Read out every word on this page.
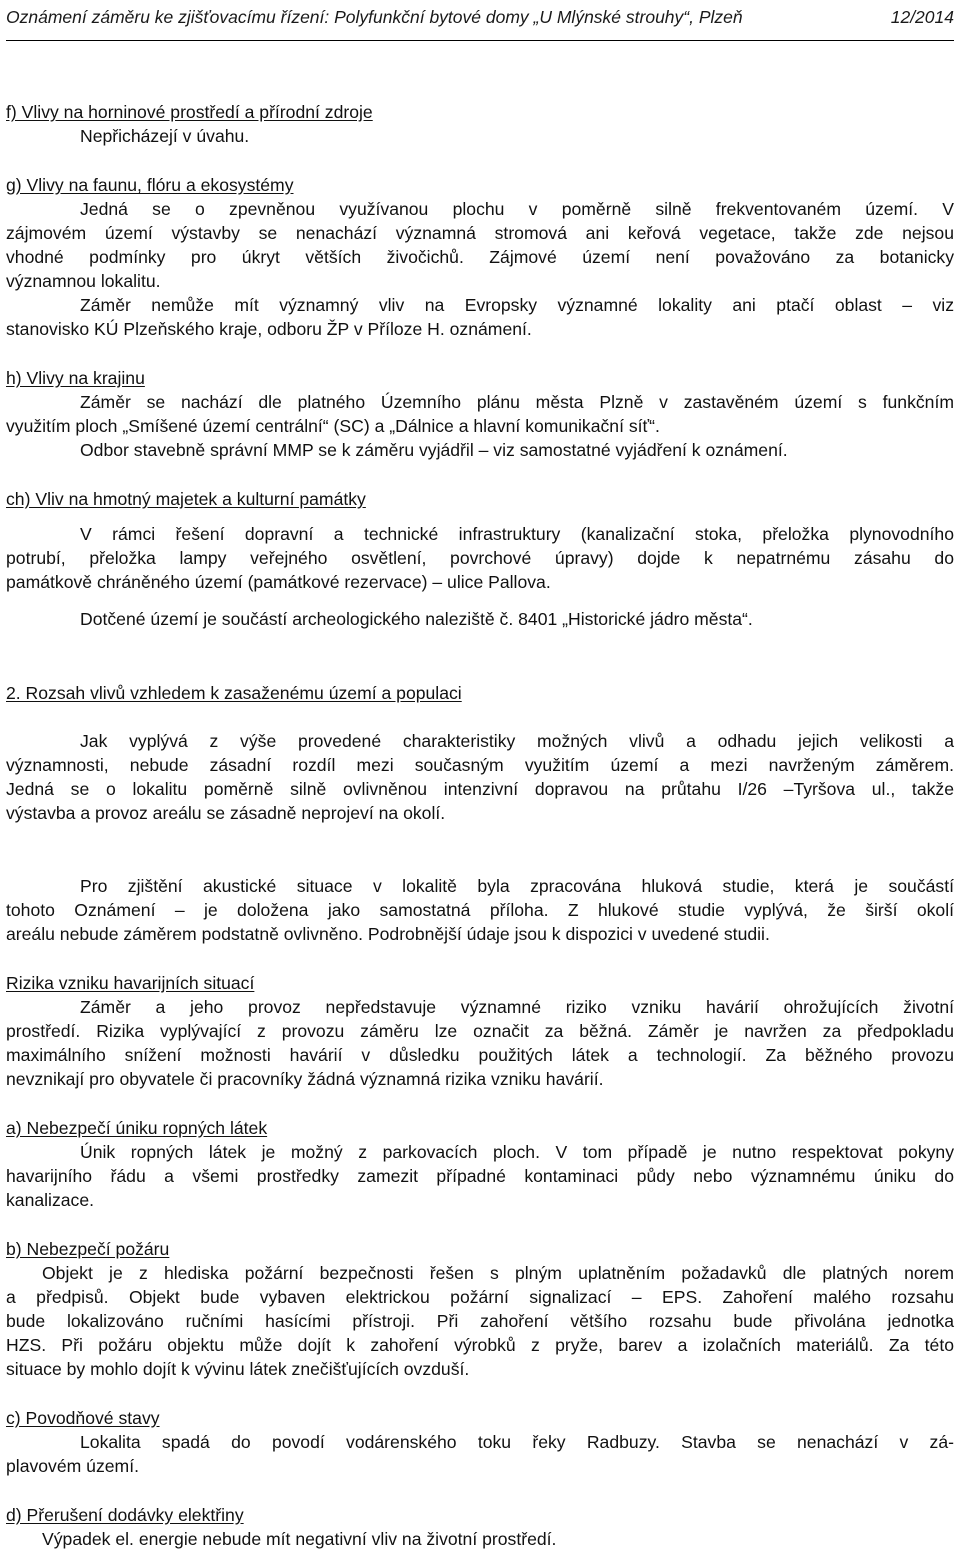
Oznámení záměru ke zjišťovacímu řízení: Polyfunkční bytové domy „U Mlýnské strouhy“, Plzeň	12/2014
f) Vlivy na horninové prostředí a přírodní zdroje
Nepřicházejí v úvahu.
g) Vlivy na faunu, flóru a ekosystémy
Jedná se o zpevněnou využívanou plochu v poměrně silně frekventovaném území. V
zájmovém území výstavby se nenachází významná stromová ani keřová vegetace, takže zde nejsou
vhodné podmínky pro úkryt větších živočichů. Zájmové území není považováno za botanicky
významnou lokalitu.
Záměr nemůže mít významný vliv na Evropsky významné lokality ani ptačí oblast – viz
stanovisko KÚ Plzeňského kraje, odboru ŽP v Příloze H. oznámení.
h) Vlivy na krajinu
Záměr se nachází dle platného Územního plánu města Plzně v zastavěném území s funkčním
využitím ploch „Smíšené území centrální“ (SC) a „Dálnice a hlavní komunikační síť“.
Odbor stavebně správní MMP se k záměru vyjádřil – viz samostatné vyjádření k oznámení.
ch) Vliv na hmotný majetek a kulturní památky
V rámci řešení dopravní a technické infrastruktury (kanalizační stoka, přeložka plynovodního
potrubí, přeložka lampy veřejného osvětlení, povrchové úpravy) dojde k nepatrnému zásahu do
památkově chráněného území (památkové rezervace) – ulice Pallova.
Dotčené území je součástí archeologického naleziště č. 8401 „Historické jádro města“.
2. Rozsah vlivů vzhledem k zasaženému území a populaci
Jak vyplývá z výše provedené charakteristiky možných vlivů a odhadu jejich velikosti a
významnosti, nebude zásadní rozdíl mezi současným využitím území a mezi navrženým záměrem.
Jedná se o lokalitu poměrně silně ovlivněnou intenzivní dopravou na průtahu I/26 –Tyršova ul., takže
výstavba a provoz areálu se zásadně neprojeví na okolí.
Pro zjištění akustické situace v lokalitě byla zpracována hluková studie, která je součástí
tohoto Oznámení – je doložena jako samostatná příloha. Z hlukové studie vyplývá, že širší okolí
areálu nebude záměrem podstatně ovlivněno. Podrobnější údaje jsou k dispozici v uvedené studii.
Rizika vzniku havarijních situací
Záměr a jeho provoz nepředstavuje významné riziko vzniku havárií ohrožujících životní
prostředí. Rizika vyplývající z provozu záměru lze označit za běžná. Záměr je navržen za předpokladu
maximálního snížení možnosti havárií v důsledku použitých látek a technologií. Za běžného provozu
nevznikají pro obyvatele či pracovníky žádná významná rizika vzniku havárií.
a) Nebezpečí úniku ropných látek
Únik ropných látek je možný z parkovacích ploch. V tom případě je nutno respektovat pokyny
havarijního řádu a všemi prostředky zamezit případné kontaminaci půdy nebo významnému úniku do
kanalizace.
b) Nebezpečí požáru
Objekt je z hlediska požární bezpečnosti řešen s plným uplatněním požadavků dle platných norem
a předpisů. Objekt bude vybaven elektrickou požární signalizací – EPS. Zahoření malého rozsahu
bude lokalizováno ručními hasícími přístroji. Při zahoření většího rozsahu bude přivolána jednotka
HZS. Při požáru objektu může dojít k zahoření výrobků z pryže, barev a izolačních materiálů. Za této
situace by mohlo dojít k vývinu látek znečišťujících ovzduší.
c) Povodňové stavy
Lokalita spadá do povodí vodárenského toku řeky Radbuzy. Stavba se nenachází v zá-
plavovém území.
d) Přerušení dodávky elektřiny
Výpadek el. energie nebude mít negativní vliv na životní prostředí.
